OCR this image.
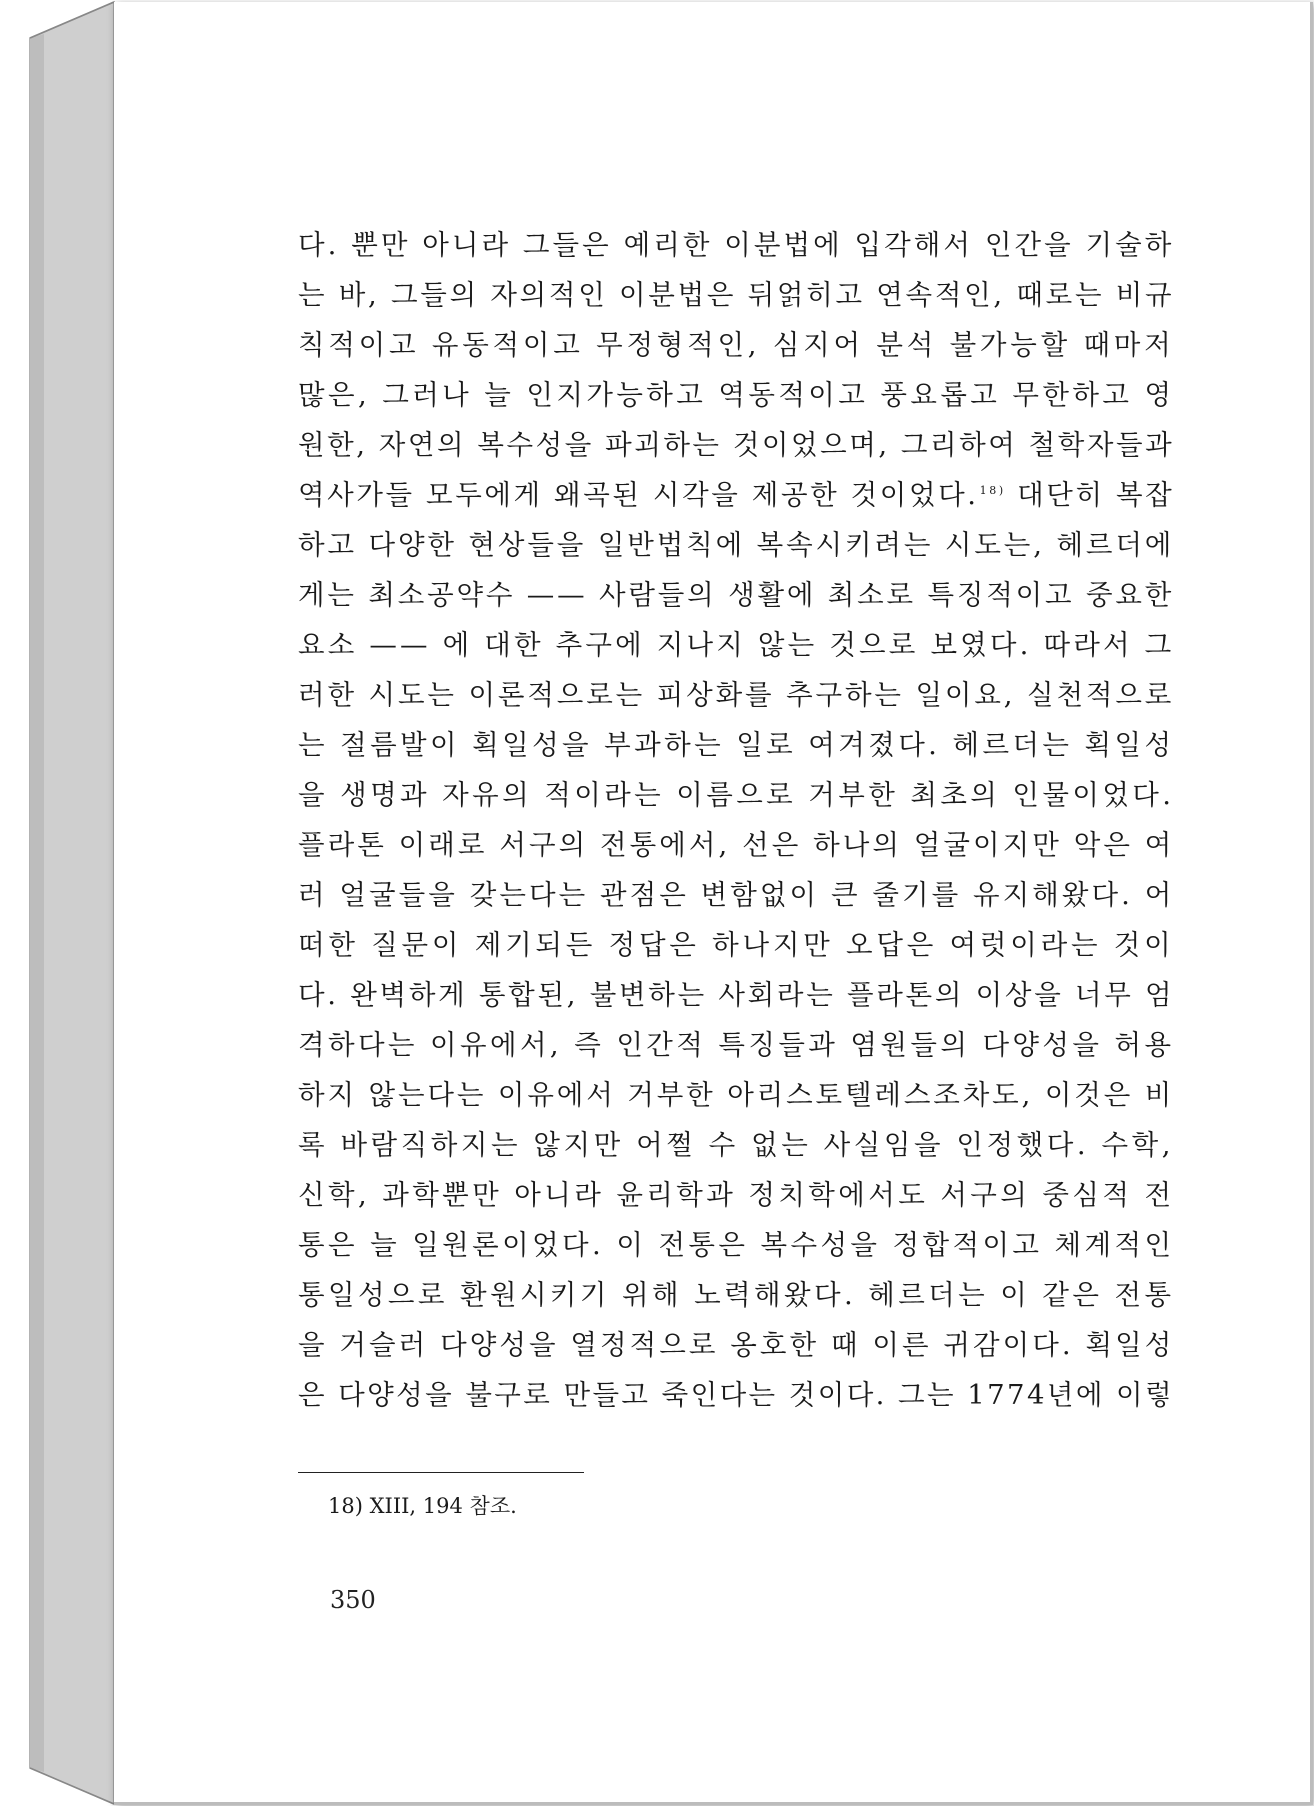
다. 뿐만 아니라 그들은 예리한 이분법에 입각해서 인간을 기술하
는 바, 그들의 자의적인 이분법은 뒤얽히고 연속적인, 때로는 비규
칙적이고 유동적이고 무정형적인, 심지어 분석 불가능할 때마저
많은, 그러나 늘 인지가능하고 역동적이고 풍요롭고 무한하고 영
원한, 자연의 복수성을 파괴하는 것이었으며, 그리하여 철학자들과
역사가들 모두에게 왜곡된 시각을 제공한 것이었다.$^{18)}$ 대단히 복잡
하고 다양한 현상들을 일반법칙에 복속시키려는 시도는, 헤르더에
게는 최소공약수 —— 사람들의 생활에 최소로 특징적이고 중요한
요소 —— 에 대한 추구에 지나지 않는 것으로 보였다. 따라서 그
러한 시도는 이론적으로는 피상화를 추구하는 일이요, 실천적으로
는 절름발이 획일성을 부과하는 일로 여겨졌다. 헤르더는 획일성
을 생명과 자유의 적이라는 이름으로 거부한 최초의 인물이었다.
플라톤 이래로 서구의 전통에서, 선은 하나의 얼굴이지만 악은 여
러 얼굴들을 갖는다는 관점은 변함없이 큰 줄기를 유지해왔다. 어
떠한 질문이 제기되든 정답은 하나지만 오답은 여럿이라는 것이
다. 완벽하게 통합된, 불변하는 사회라는 플라톤의 이상을 너무 엄
격하다는 이유에서, 즉 인간적 특징들과 염원들의 다양성을 허용
하지 않는다는 이유에서 거부한 아리스토텔레스조차도, 이것은 비
록 바람직하지는 않지만 어쩔 수 없는 사실임을 인정했다. 수학,
신학, 과학뿐만 아니라 윤리학과 정치학에서도 서구의 중심적 전
통은 늘 일원론이었다. 이 전통은 복수성을 정합적이고 체계적인
통일성으로 환원시키기 위해 노력해왔다. 헤르더는 이 같은 전통
을 거슬러 다양성을 열정적으로 옹호한 때 이른 귀감이다. 획일성
은 다양성을 불구로 만들고 죽인다는 것이다. 그는 1774년에 이렇
18) XIII, 194 참조.
350
